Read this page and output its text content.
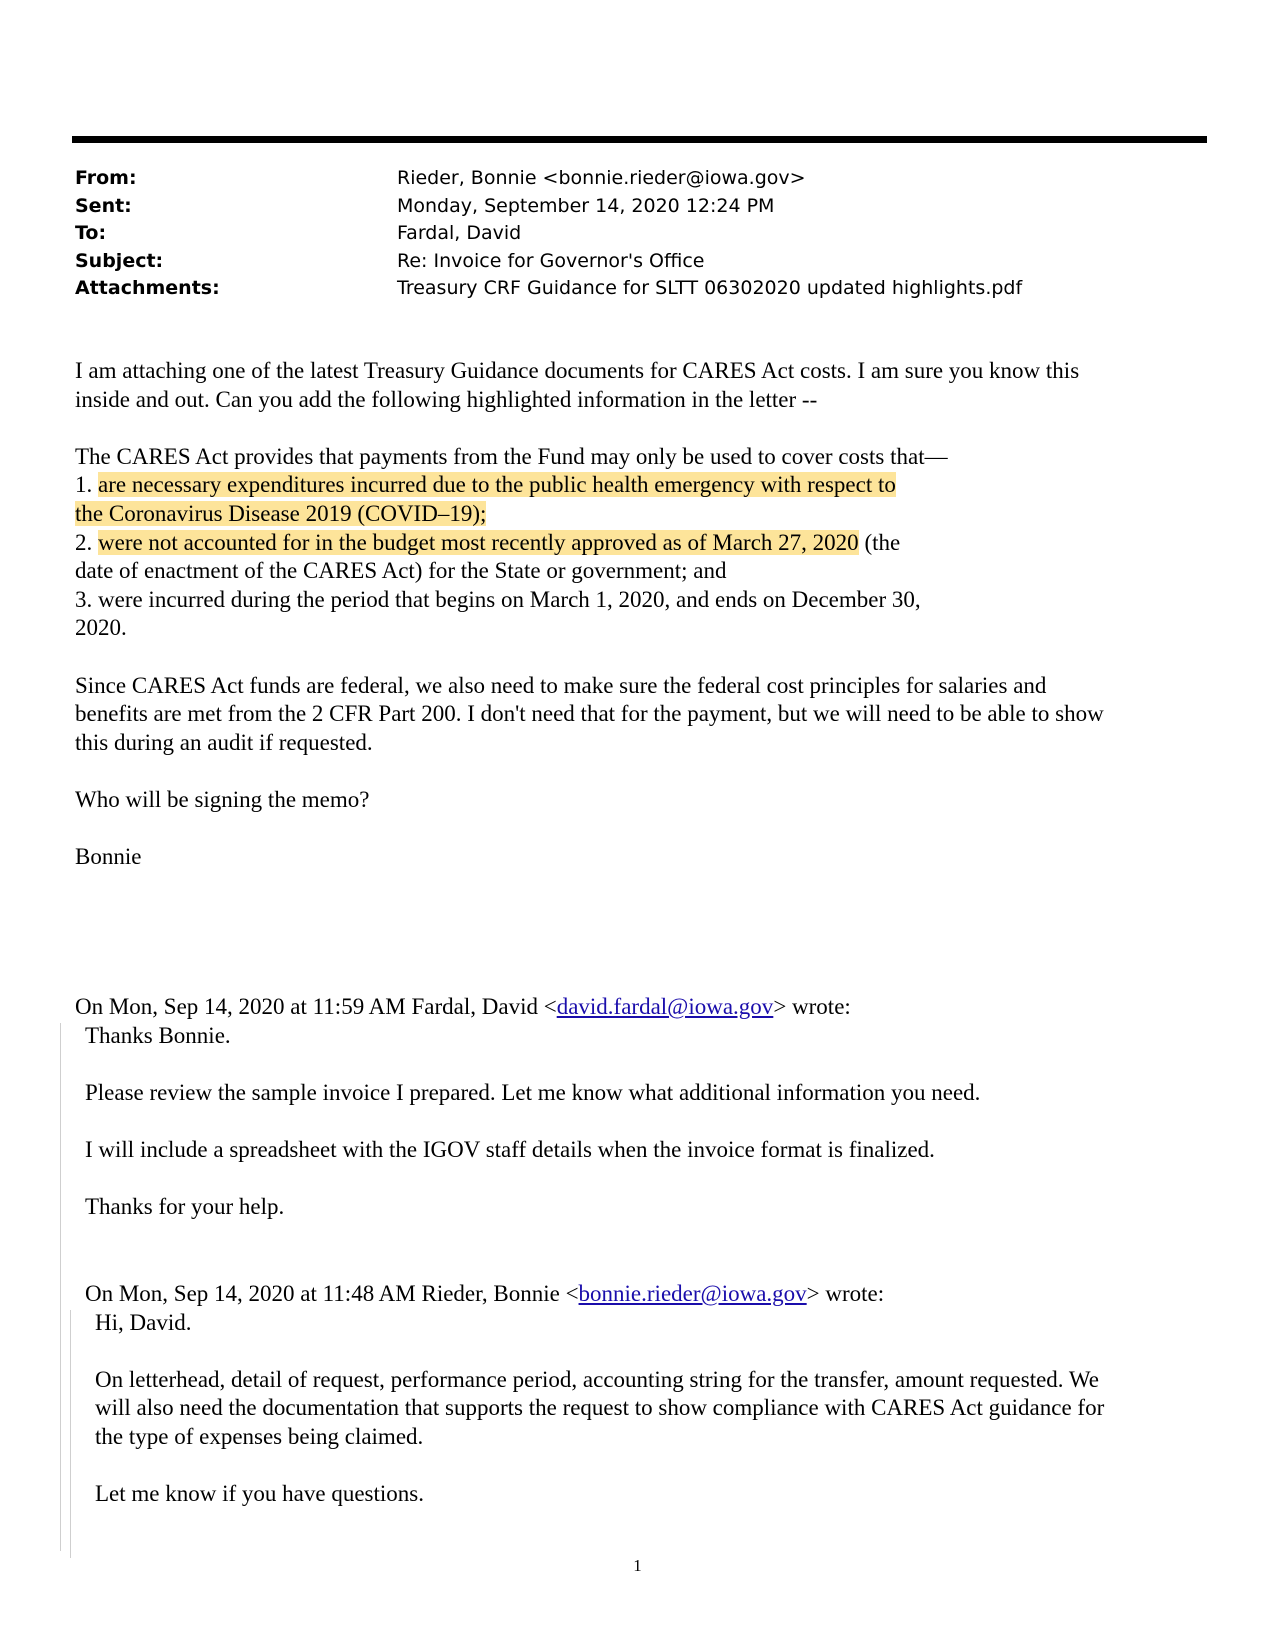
From:	Rieder, Bonnie <bonnie.rieder@iowa.gov>
Sent:	Monday, September 14, 2020 12:24 PM
To:	Fardal, David
Subject:	Re: Invoice for Governor's Office
Attachments:	Treasury CRF Guidance for SLTT 06302020 updated highlights.pdf

I am attaching one of the latest Treasury Guidance documents for CARES Act costs. I am sure you know this
inside and out. Can you add the following highlighted information in the letter --

The CARES Act provides that payments from the Fund may only be used to cover costs that—
1. are necessary expenditures incurred due to the public health emergency with respect to
the Coronavirus Disease 2019 (COVID–19);
2. were not accounted for in the budget most recently approved as of March 27, 2020 (the
date of enactment of the CARES Act) for the State or government; and
3. were incurred during the period that begins on March 1, 2020, and ends on December 30,
2020.

Since CARES Act funds are federal, we also need to make sure the federal cost principles for salaries and
benefits are met from the 2 CFR Part 200. I don't need that for the payment, but we will need to be able to show
this during an audit if requested.

Who will be signing the memo?

Bonnie

On Mon, Sep 14, 2020 at 11:59 AM Fardal, David <david.fardal@iowa.gov> wrote:

Thanks Bonnie.

Please review the sample invoice I prepared. Let me know what additional information you need.

I will include a spreadsheet with the IGOV staff details when the invoice format is finalized.

Thanks for your help.

On Mon, Sep 14, 2020 at 11:48 AM Rieder, Bonnie <bonnie.rieder@iowa.gov> wrote:

Hi, David.

On letterhead, detail of request, performance period, accounting string for the transfer, amount requested. We
will also need the documentation that supports the request to show compliance with CARES Act guidance for
the type of expenses being claimed.

Let me know if you have questions.

1
